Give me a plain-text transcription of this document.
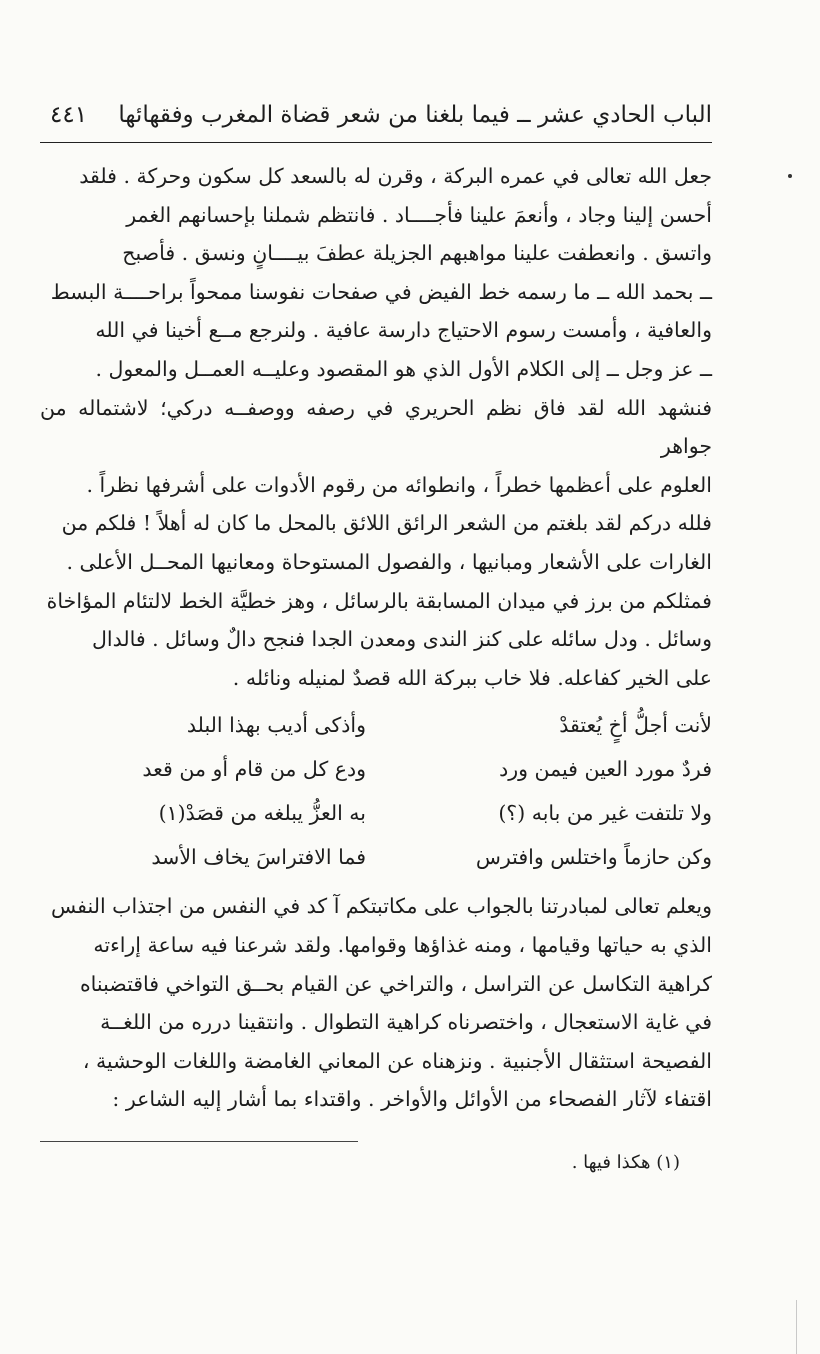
الباب الحادي عشر ــ فيما بلغنا من شعر قضاة المغرب وفقهائها
٤٤١

جعل الله تعالى في عمره البركة ، وقرن له بالسعد كل سكون وحركة . فلقد

أحسن إلينا وجاد ، وأنعمَ علينا فأجــــاد . فانتظم شملنا بإحسانهم الغمر

واتسق . وانعطفت علينا مواهبهم الجزيلة عطفَ بيــــانٍ ونسق . فأصبح

ــ بحمد الله ــ ما رسمه خط الفيض في صفحات نفوسنا ممحواً براحــــة البسط

والعافية ، وأمست رسوم الاحتياج دارسة عافية . ولنرجع مــع أخينا في الله

ــ عز وجل ــ إلى الكلام الأول الذي هو المقصود وعليــه العمــل والمعول .

فنشهد الله لقد فاق نظم الحريري في رصفه ووصفــه دركي؛ لاشتماله من جواهر

العلوم على أعظمها خطراً ، وانطوائه من رقوم الأدوات على أشرفها نظراً .

فلله دركم لقد بلغتم من الشعر الرائق اللائق بالمحل ما كان له أهلاً ! فلكم من

الغارات على الأشعار ومبانيها ، والفصول المستوحاة ومعانيها المحــل الأعلى .

فمثلكم من برز في ميدان المسابقة بالرسائل ، وهز خطيَّة الخط لالتئام المؤاخاة

وسائل . ودل سائله على كنز الندى ومعدن الجدا فنجح دالٌ وسائل . فالدال

على الخير كفاعله. فلا خاب ببركة الله قصدٌ لمنيله ونائله .

لأنت أجلُّ أخٍ يُعتقدْ
وأذكى أديب بهذا البلد
فردٌ مورد العين فيمن ورد
ودع كل من قام أو من قعد
ولا تلتفت غير من بابه (؟)
به العزُّ يبلغه من قصَدْ(١)
وكن حازماً واختلس وافترس
فما الافتراسَ يخاف الأسد

ويعلم تعالى لمبادرتنا بالجواب على مكاتبتكم آ كد في النفس من اجتذاب النفس

الذي به حياتها وقيامها ، ومنه غذاؤها وقوامها. ولقد شرعنا فيه ساعة إراءته

كراهية التكاسل عن التراسل ، والتراخي عن القيام بحــق التواخي فاقتضبناه

في غاية الاستعجال ، واختصرناه كراهية التطوال . وانتقينا درره من اللغــة

الفصيحة استثقال الأجنبية . ونزهناه عن المعاني الغامضة واللغات الوحشية ،

اقتفاء لآثار الفصحاء من الأوائل والأواخر . واقتداء بما أشار إليه الشاعر :

(١) هكذا فيها .
